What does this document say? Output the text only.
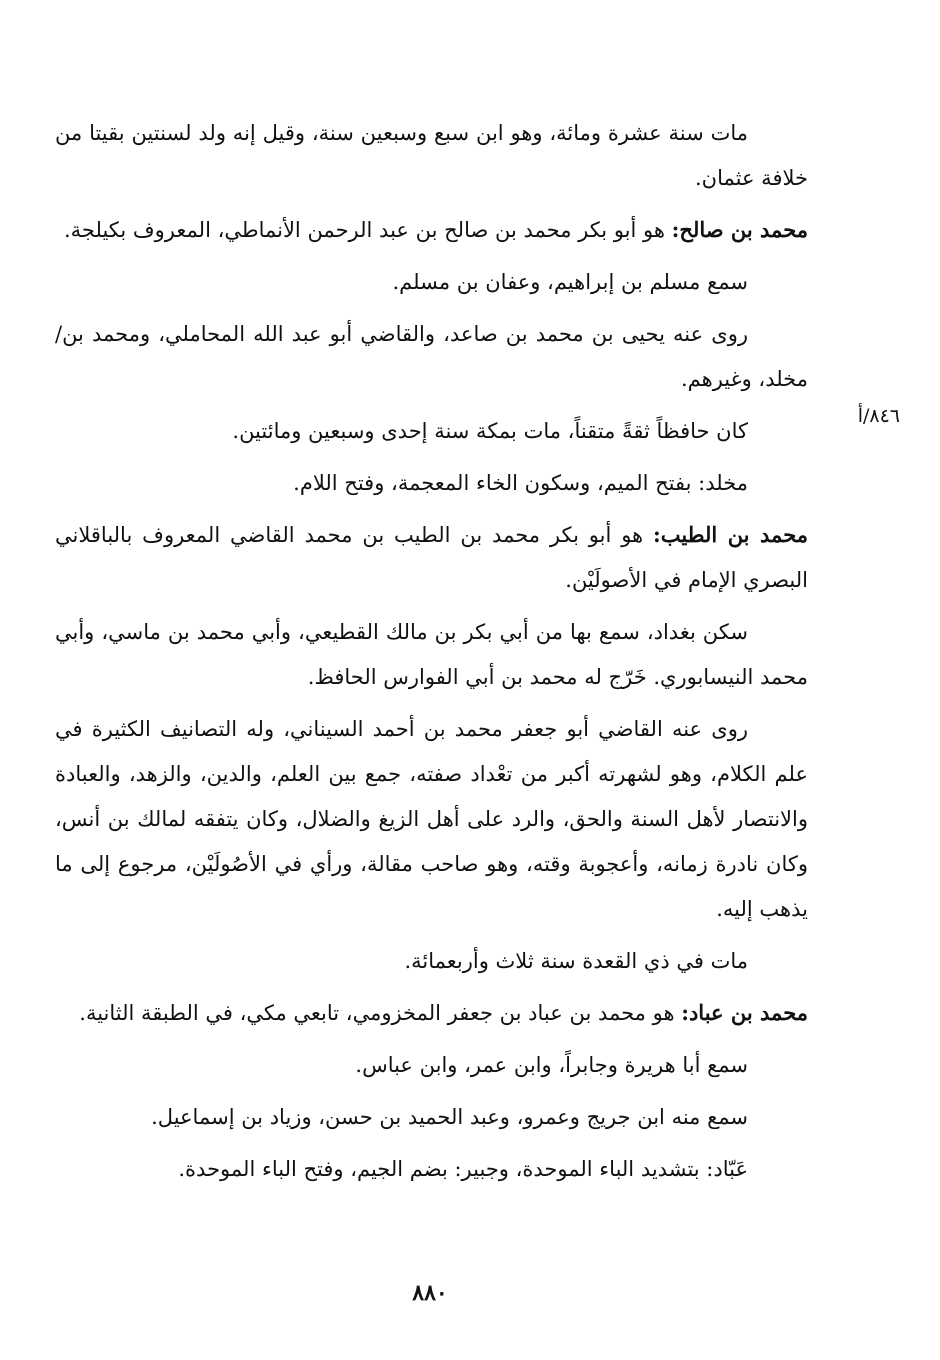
مات سنة عشرة ومائة، وهو ابن سبع وسبعين سنة، وقيل إنه ولد لسنتين بقيتا من خلافة عثمان.

محمد بن صالح: هو أبو بكر محمد بن صالح بن عبد الرحمن الأنماطي، المعروف بكيلجة.

سمع مسلم بن إبراهيم، وعفان بن مسلم.

روى عنه يحيى بن محمد بن صاعد، والقاضي أبو عبد الله المحاملي، ومحمد بن/مخلد، وغيرهم.

كان حافظاً ثقةً متقناً، مات بمكة سنة إحدى وسبعين ومائتين.

مخلد: بفتح الميم، وسكون الخاء المعجمة، وفتح اللام.

محمد بن الطيب: هو أبو بكر محمد بن الطيب بن محمد القاضي المعروف بالباقلاني البصري الإمام في الأصولَيْن.

سكن بغداد، سمع بها من أبي بكر بن مالك القطيعي، وأبي محمد بن ماسي، وأبي محمد النيسابوري. خَرّج له محمد بن أبي الفوارس الحافظ.

روى عنه القاضي أبو جعفر محمد بن أحمد السيناني، وله التصانيف الكثيرة في علم الكلام، وهو لشهرته أكبر من تعْداد صفته، جمع بين العلم، والدين، والزهد، والعبادة والانتصار لأهل السنة والحق، والرد على أهل الزيغ والضلال، وكان يتفقه لمالك بن أنس، وكان نادرة زمانه، وأعجوبة وقته، وهو صاحب مقالة، ورأي في الأصُولَيْن، مرجوع إلى ما يذهب إليه.

مات في ذي القعدة سنة ثلاث وأربعمائة.

محمد بن عباد: هو محمد بن عباد بن جعفر المخزومي، تابعي مكي، في الطبقة الثانية.

سمع أبا هريرة وجابراً، وابن عمر، وابن عباس.

سمع منه ابن جريج وعمرو، وعبد الحميد بن حسن، وزياد بن إسماعيل.

عَبّاد: بتشديد الباء الموحدة، وجبير: بضم الجيم، وفتح الباء الموحدة.

٨٤٦/أ
٨٨٠
